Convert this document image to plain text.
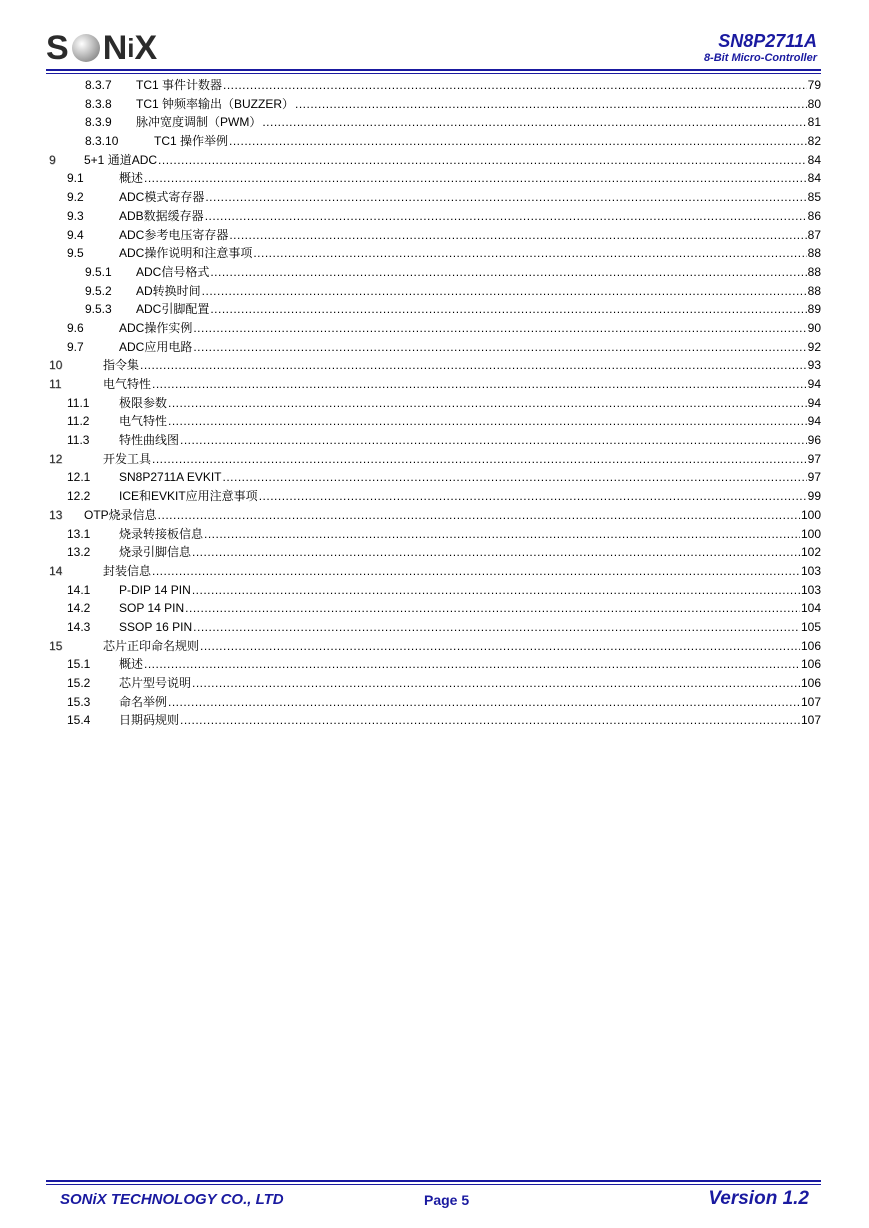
S N i X	SN8P2711A
8-Bit Micro-Controller
8.3.7 TC1 事件计数器 .....	79
8.3.8 TC1 钟频率输出（BUZZER） .....	80
8.3.9 脉冲宽度调制（PWM） .....	81
8.3.10	TC1 操作举例 .....	82
9 5+1 通道ADC .....	84
9.1	概述 .....	84
9.2	ADC模式寄存器 .....	85
9.3	ADB数据缓存器 .....	86
9.4	ADC参考电压寄存器 .....	87
9.5	ADC操作说明和注意事项 .....	88
9.5.1 ADC信号格式 .....	88
9.5.2 AD转换时间 .....	88
9.5.3 ADC引脚配置 .....	89
9.6	ADC操作实例 .....	90
9.7	ADC应用电路 .....	92
10	指令集 .....	93
11	电气特性 .....	94
11.1 极限参数 .....	94
11.2 电气特性 .....	94
11.3 特性曲线图 .....	96
12	开发工具 .....	97
12.1 SN8P2711A EVKIT .....	97
12.2 ICE和EVKIT应用注意事项 .....	99
13 OTP烧录信息 .....	100
13.1 烧录转接板信息 .....	100
13.2 烧录引脚信息 .....	102
14	封装信息 .....	103
14.1 P-DIP 14 PIN .....	103
14.2 SOP 14 PIN .....	104
14.3 SSOP 16 PIN .....	105
15	芯片正印命名规则 .....	106
15.1 概述 .....	106
15.2 芯片型号说明 .....	106
15.3 命名举例 .....	107
15.4 日期码规则 .....	107
SONiX TECHNOLOGY CO., LTD	Page 5	Version 1.2
